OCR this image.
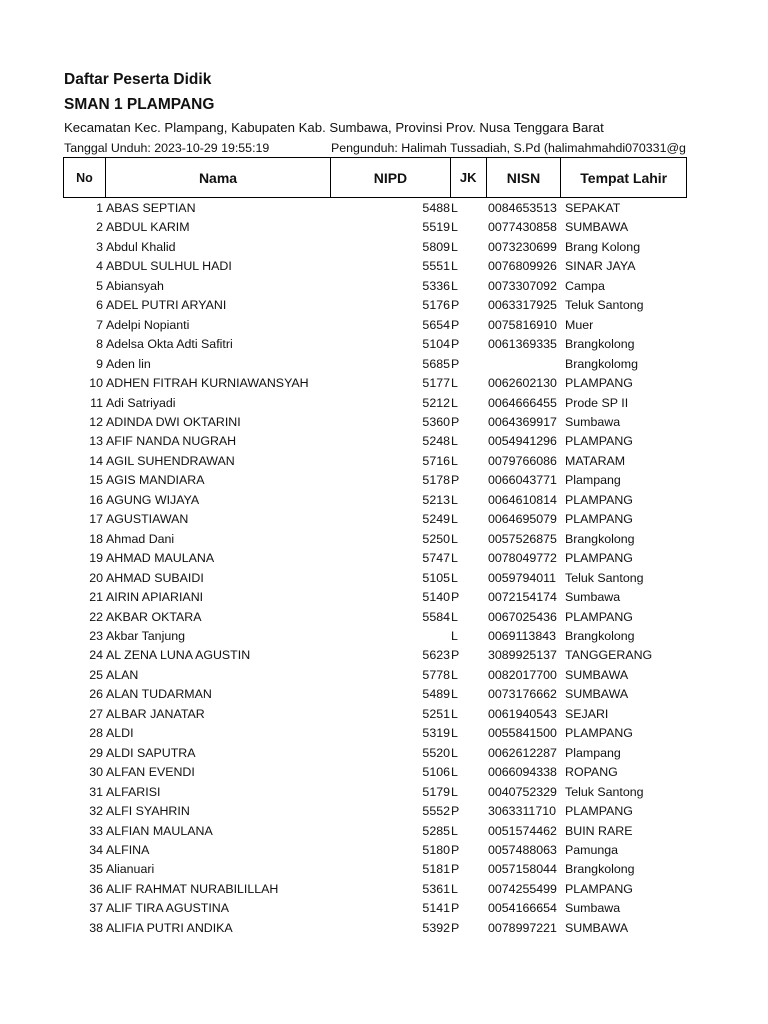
Daftar Peserta Didik
SMAN 1 PLAMPANG
Kecamatan Kec. Plampang, Kabupaten Kab. Sumbawa, Provinsi Prov. Nusa Tenggara Barat
Tanggal Unduh: 2023-10-29 19:55:19	Pengunduh: Halimah Tussadiah, S.Pd (halimahmahdi070331@g
No	Nama	NIPD	JK	NISN	Tempat Lahir
1 ABAS SEPTIAN	5488 L	0084653513 SEPAKAT
2 ABDUL KARIM	5519 L	0077430858 SUMBAWA
3 Abdul Khalid	5809 L	0073230699 Brang Kolong
4 ABDUL SULHUL HADI	5551 L	0076809926 SINAR JAYA
5 Abiansyah	5336 L	0073307092 Campa
6 ADEL PUTRI ARYANI	5176 P	0063317925 Teluk Santong
7 Adelpi Nopianti	5654 P	0075816910 Muer
8 Adelsa Okta Adti Safitri	5104 P	0061369335 Brangkolong
9 Aden lin	5685 P	Brangkolomg
10 ADHEN FITRAH KURNIAWANSYAH	5177 L	0062602130 PLAMPANG
11 Adi Satriyadi	5212 L	0064666455 Prode SP II
12 ADINDA DWI OKTARINI	5360 P	0064369917 Sumbawa
13 AFIF NANDA NUGRAH	5248 L	0054941296 PLAMPANG
14 AGIL SUHENDRAWAN	5716 L	0079766086 MATARAM
15 AGIS MANDIARA	5178 P	0066043771 Plampang
16 AGUNG WIJAYA	5213 L	0064610814 PLAMPANG
17 AGUSTIAWAN	5249 L	0064695079 PLAMPANG
18 Ahmad Dani	5250 L	0057526875 Brangkolong
19 AHMAD MAULANA	5747 L	0078049772 PLAMPANG
20 AHMAD SUBAIDI	5105 L	0059794011 Teluk Santong
21 AIRIN APIARIANI	5140 P	0072154174 Sumbawa
22 AKBAR OKTARA	5584 L	0067025436 PLAMPANG
23 Akbar Tanjung	L	0069113843 Brangkolong
24 AL ZENA LUNA AGUSTIN	5623 P	3089925137 TANGGERANG
25 ALAN	5778 L	0082017700 SUMBAWA
26 ALAN TUDARMAN	5489 L	0073176662 SUMBAWA
27 ALBAR JANATAR	5251 L	0061940543 SEJARI
28 ALDI	5319 L	0055841500 PLAMPANG
29 ALDI SAPUTRA	5520 L	0062612287 Plampang
30 ALFAN EVENDI	5106 L	0066094338 ROPANG
31 ALFARISI	5179 L	0040752329 Teluk Santong
32 ALFI SYAHRIN	5552 P	3063311710 PLAMPANG
33 ALFIAN MAULANA	5285 L	0051574462 BUIN RARE
34 ALFINA	5180 P	0057488063 Pamunga
35 Alianuari	5181 P	0057158044 Brangkolong
36 ALIF RAHMAT NURABILILLAH	5361 L	0074255499 PLAMPANG
37 ALIF TIRA AGUSTINA	5141 P	0054166654 Sumbawa
38 ALIFIA PUTRI ANDIKA	5392 P	0078997221 SUMBAWA
